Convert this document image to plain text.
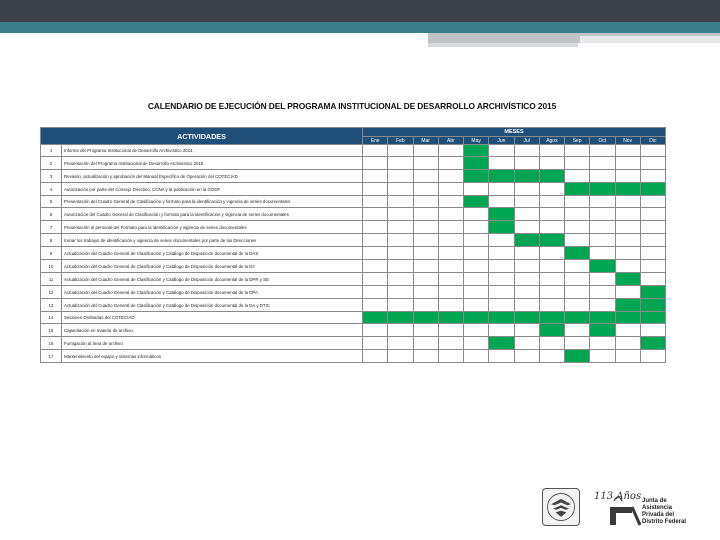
CALENDARIO DE EJECUCIÓN DEL PROGRAMA INSTITUCIONAL DE DESARROLLO ARCHIVÍSTICO 2015
ACTIVIDADES		MESES											
		Ene	Feb	Mar	Abr	May	Jun	Jul	Agos	Sep	Oct	Nov	Dic
1	Informe del Programa Institucional de Desarrollo Archivístico 2014												
2	Presentación del Programa Institucional de Desarrollo Archivístico 2015												
3	Revisión, actualización y aprobación del Manual Específico de Operación del COTECIAD												
4	Autorización por parte del Consejo Directivo, CCNA y la publicación en la GODF												
5	Presentación del Cuadro General de Clasificación y formato para la identificación y vigencia de series documentales												
6	Autorización del Cuadro General de Clasificación y formato para la identificación y vigencia de series documentales												
7	Presentación al personal del Formato para la identificación y vigencia de series documentales												
8	Iniciar los trabajos de identificación y vigencia de series documentales por parte de las Direcciones												
9	Actualización del Cuadro General de Clasificación y Catálogo de Disposición documental de la DAS												
10	Actualización del Cuadro General de Clasificación y Catálogo de Disposición documental de la DJ												
11	Actualización del Cuadro General de Clasificación y Catálogo de Disposición documental de la DPR y SE												
12	Actualización del Cuadro General de Clasificación y Catálogo de Disposición documental de la DPA												
13	Actualización del Cuadro General de Clasificación y Catálogo de Disposición documental de la DA y DTIC												
14	Sesiones Ordinarias del COTECIAD												
15	Capacitación en materia de archivo												
16	Fumigación al área de archivo												
17	Mantenimiento del equipo y sistemas informáticos												
113 Años Junta de
Asistencia
Privada del
Distrito Federal
